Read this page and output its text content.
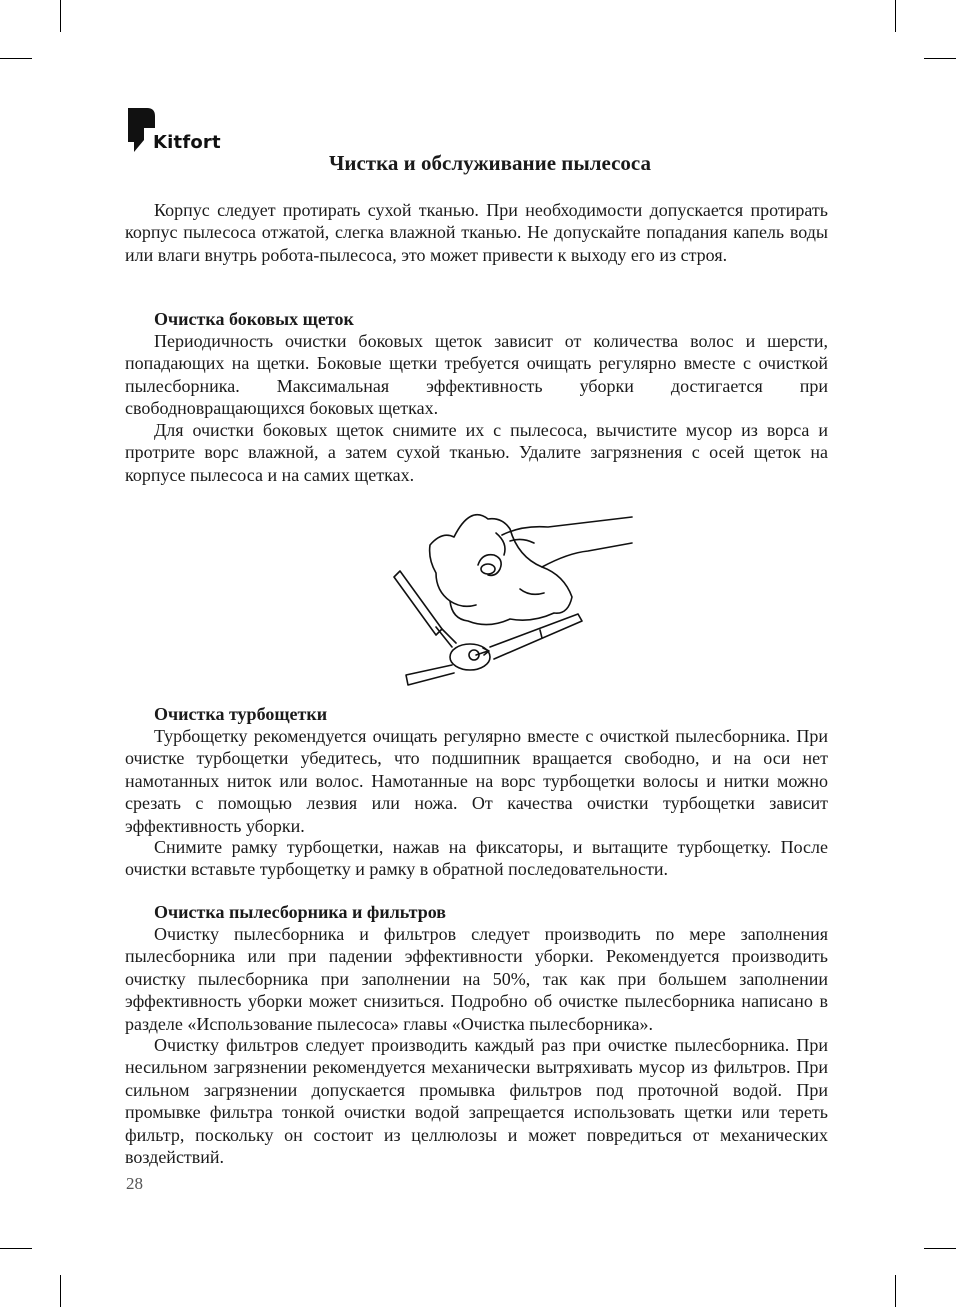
Kitfort
Чистка и обслуживание пылесоса

Корпус следует протирать сухой тканью. При необходимости допускается протирать корпус пылесоса отжатой, слегка влажной тканью. Не допускайте попадания капель воды или влаги внутрь робота-пылесоса, это может привести к выходу его из строя.

Очистка боковых щеток

Периодичность очистки боковых щеток зависит от количества волос и шерсти, попадающих на щетки. Боковые щетки требуется очищать регулярно вместе с очисткой пылесборника. Максимальная эффективность уборки достигается при свободновращающихся боковых щетках.

Для очистки боковых щеток снимите их с пылесоса, вычистите мусор из ворса и протрите ворс влажной, а затем сухой тканью. Удалите загрязнения с осей щеток на корпусе пылесоса и на самих щетках.

Очистка турбощетки

Турбощетку рекомендуется очищать регулярно вместе с очисткой пылесборника. При очистке турбощетки убедитесь, что подшипник вращается свободно, и на оси нет намотанных ниток или волос. Намотанные на ворс турбощетки волосы и нитки можно срезать с помощью лезвия или ножа. От качества очистки турбощетки зависит эффективность уборки.

Снимите рамку турбощетки, нажав на фиксаторы, и вытащите турбощетку. После очистки вставьте турбощетку и рамку в обратной последовательности.

Очистка пылесборника и фильтров

Очистку пылесборника и фильтров следует производить по мере заполнения пылесборника или при падении эффективности уборки. Рекомендуется производить очистку пылесборника при заполнении на 50%, так как при большем заполнении эффективность уборки может снизиться. Подробно об очистке пылесборника написано в разделе «Использование пылесоса» главы «Очистка пылесборника».

Очистку фильтров следует производить каждый раз при очистке пылесборника. При несильном загрязнении рекомендуется механически вытряхивать мусор из фильтров. При сильном загрязнении допускается промывка фильтров под проточной водой. При промывке фильтра тонкой очистки водой запрещается использовать щетки или тереть фильтр, поскольку он состоит из целлюлозы и может повредиться от механических воздействий.

28
